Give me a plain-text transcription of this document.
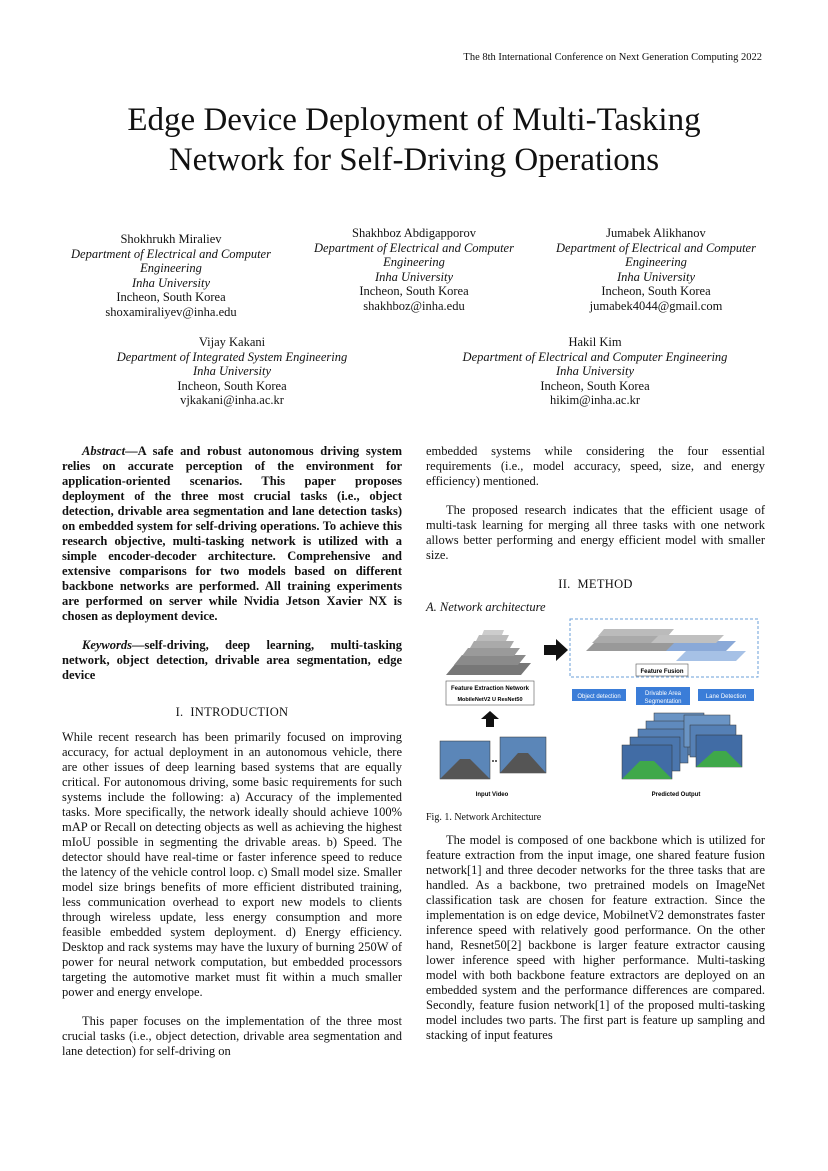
The 8th International Conference on Next Generation Computing 2022
Edge Device Deployment of Multi-Tasking
Network for Self-Driving Operations
Shokhrukh Miraliev
Department of Electrical and Computer
Engineering
Inha University
Incheon, South Korea
shoxamiraliyev@inha.edu
Shakhboz Abdigapporov
Department of Electrical and Computer
Engineering
Inha University
Incheon, South Korea
shakhboz@inha.edu
Jumabek Alikhanov
Department of Electrical and Computer
Engineering
Inha University
Incheon, South Korea
jumabek4044@gmail.com
Vijay Kakani
Department of Integrated System Engineering
Inha University
Incheon, South Korea
vjkakani@inha.ac.kr
Hakil Kim
Department of Electrical and Computer Engineering
Inha University
Incheon, South Korea
hikim@inha.ac.kr

Abstract—A safe and robust autonomous driving system relies on accurate perception of the environment for application-oriented scenarios. This paper proposes deployment of the three most crucial tasks (i.e., object detection, drivable area segmentation and lane detection tasks) on embedded system for self-driving operations. To achieve this research objective, multi-tasking network is utilized with a simple encoder-decoder architecture. Comprehensive and extensive comparisons for two models based on different backbone networks are performed. All training experiments are performed on server while Nvidia Jetson Xavier NX is chosen as deployment device.

Keywords—self-driving, deep learning, multi-tasking network, object detection, drivable area segmentation, edge device

I. INTRODUCTION

While recent research has been primarily focused on improving accuracy, for actual deployment in an autonomous vehicle, there are other issues of deep learning based systems that are equally critical. For autonomous driving, some basic requirements for such systems include the following: a) Accuracy of the implemented tasks. More specifically, the network ideally should achieve 100% mAP or Recall on detecting objects as well as achieving the highest mIoU possible in segmenting the drivable areas. b) Speed. The detector should have real-time or faster inference speed to reduce the latency of the vehicle control loop. c) Small model size. Smaller model size brings benefits of more efficient distributed training, less communication overhead to export new models to clients through wireless update, less energy consumption and more feasible embedded system deployment. d) Energy efficiency. Desktop and rack systems may have the luxury of burning 250W of power for neural network computation, but embedded processors targeting the automotive market must fit within a much smaller power and energy envelope.

This paper focuses on the implementation of the three most crucial tasks (i.e., object detection, drivable area segmentation and lane detection) for self-driving on

embedded systems while considering the four essential requirements (i.e., model accuracy, speed, size, and energy efficiency) mentioned.

The proposed research indicates that the efficient usage of multi-task learning for merging all three tasks with one network allows better performing and energy efficient model with smaller size.

II. METHOD
A. Network architecture
Feature Fusion
Feature Extraction Network
MobileNetV2 U ResNet50	Object detection	Drivable Area
Segmentation
Lane Detection
Input Video	Predicted Output
Fig. 1. Network Architecture

The model is composed of one backbone which is utilized for feature extraction from the input image, one shared feature fusion network[1] and three decoder networks for the three tasks that are handled. As a backbone, two pretrained models on ImageNet classification task are chosen for feature extraction. Since the implementation is on edge device, MobilnetV2 demonstrates faster inference speed with relatively good performance. On the other hand, Resnet50[2] backbone is larger feature extractor causing lower inference speed with higher performance. Multi-tasking model with both backbone feature extractors are deployed on an embedded system and the performance differences are compared. Secondly, feature fusion network[1] of the proposed multi-tasking model includes two parts. The first part is feature up sampling and stacking of input features
